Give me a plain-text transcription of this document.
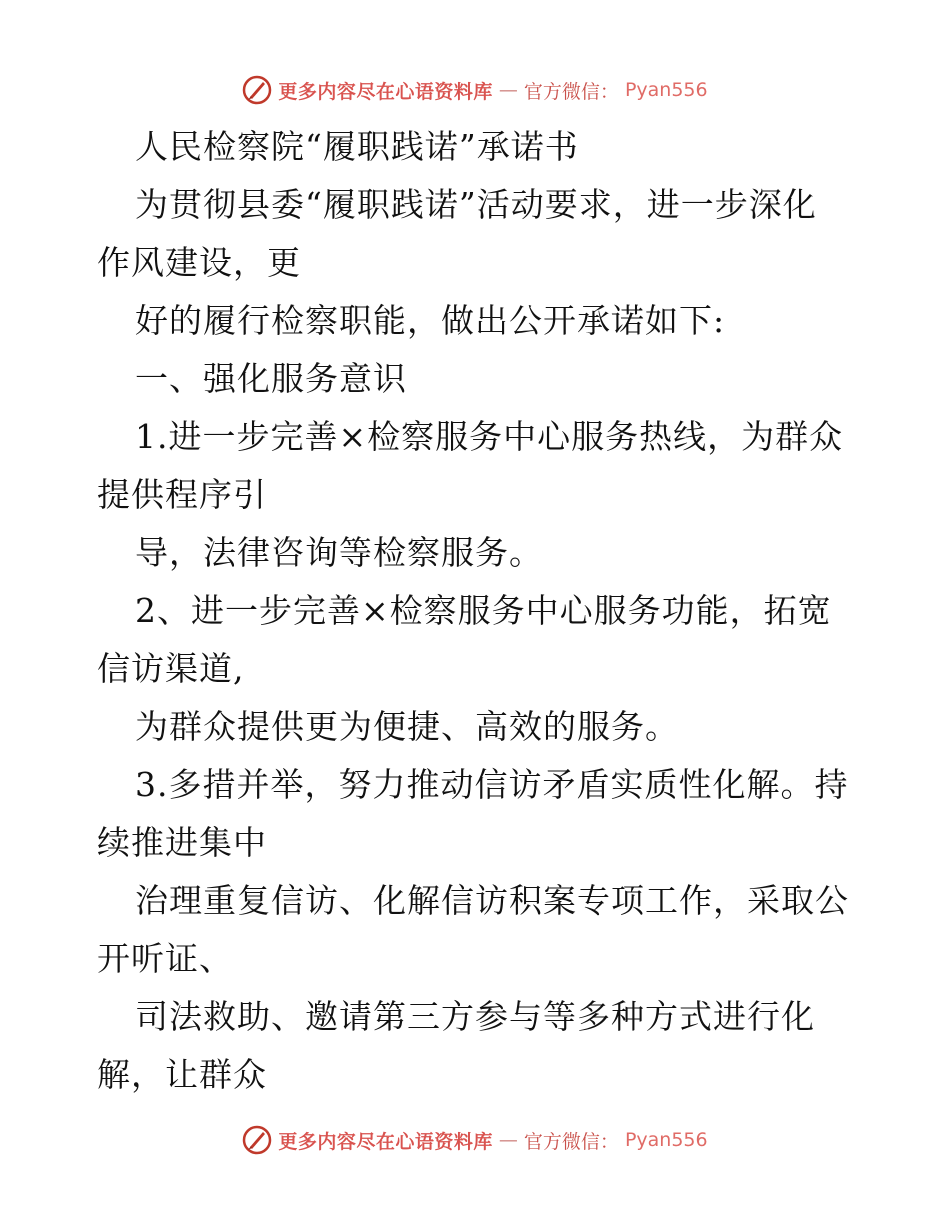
更多内容尽在心语资料库 — 官方微信： Pyan556
人民检察院“履职践诺”承诺书
为贯彻县委“履职践诺”活动要求，进一步深化
作风建设，更
好的履行检察职能，做出公开承诺如下:
一、强化服务意识
1.进一步完善×检察服务中心服务热线，为群众
提供程序引
导，法律咨询等检察服务。
2、进一步完善×检察服务中心服务功能，拓宽
信访渠道,
为群众提供更为便捷、高效的服务。
3.多措并举，努力推动信访矛盾实质性化解。持
续推进集中
治理重复信访、化解信访积案专项工作，采取公
开听证、
司法救助、邀请第三方参与等多种方式进行化
解，让群众
更多内容尽在心语资料库 — 官方微信： Pyan556
